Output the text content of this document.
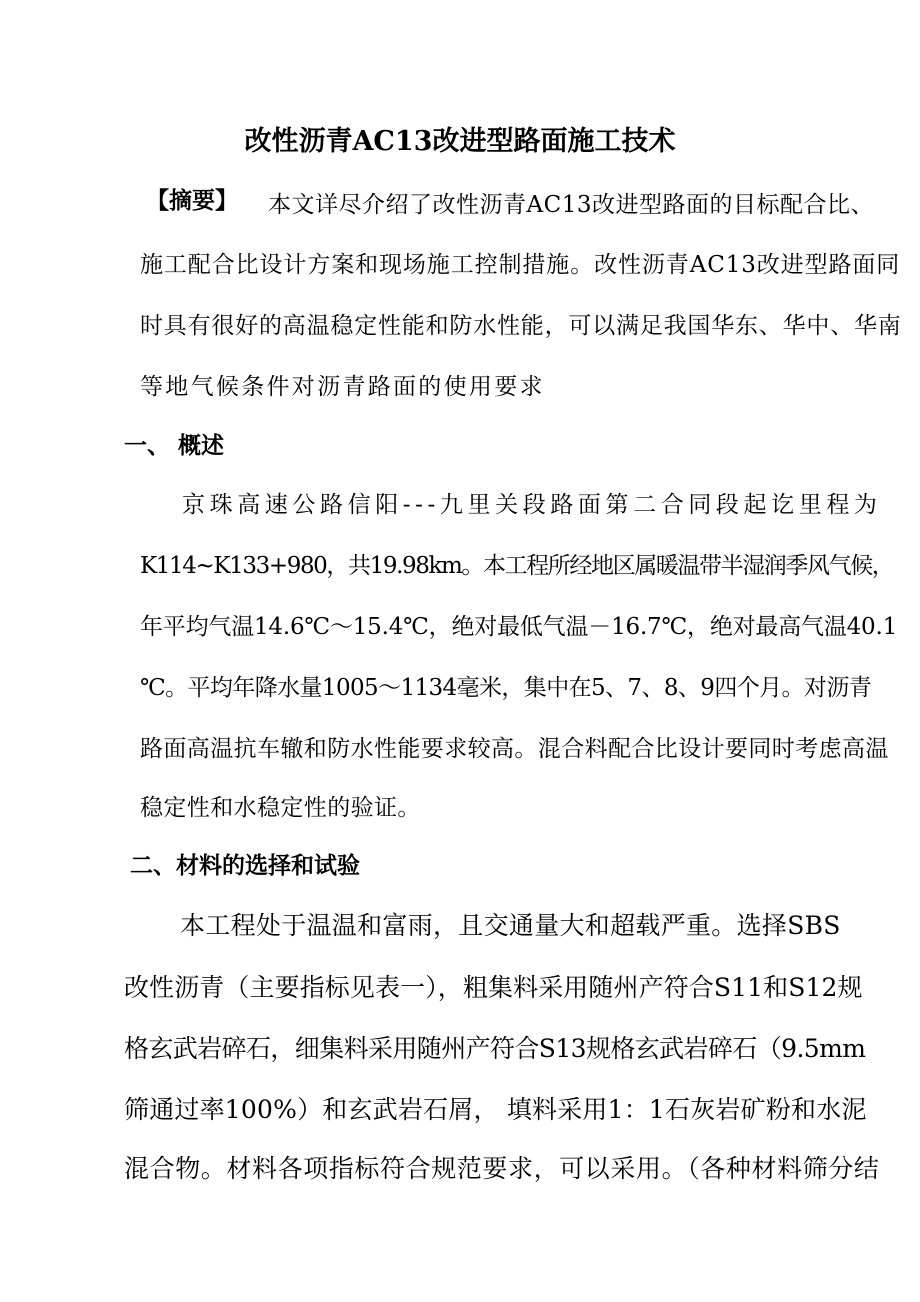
改性沥青AC13改进型路面施工技术
【摘要】 本文详尽介绍了改性沥青AC13改进型路面的目标配合比、
施工配合比设计方案和现场施工控制措施。改性沥青AC13改进型路面同
时具有很好的高温稳定性能和防水性能，可以满足我国华东、华中、华南
等地气候条件对沥青路面的使用要求
一、 概述
京珠高速公路信阳---九里关段路面第二合同段起讫里程为
K114~K133+980，共19.98km。本工程所经地区属暖温带半湿润季风气候，
年平均气温14.6℃～15.4℃，绝对最低气温－16.7℃，绝对最高气温40.1
℃。平均年降水量1005～1134毫米，集中在5、7、8、9四个月。对沥青
路面高温抗车辙和防水性能要求较高。混合料配合比设计要同时考虑高温
稳定性和水稳定性的验证。
二、材料的选择和试验
本工程处于温温和富雨，且交通量大和超载严重。选择SBS
改性沥青（主要指标见表一），粗集料采用随州产符合S11和S12规
格玄武岩碎石，细集料采用随州产符合S13规格玄武岩碎石（9.5mm
筛通过率100%）和玄武岩石屑， 填料采用1：1石灰岩矿粉和水泥
混合物。材料各项指标符合规范要求，可以采用。（各种材料筛分结
